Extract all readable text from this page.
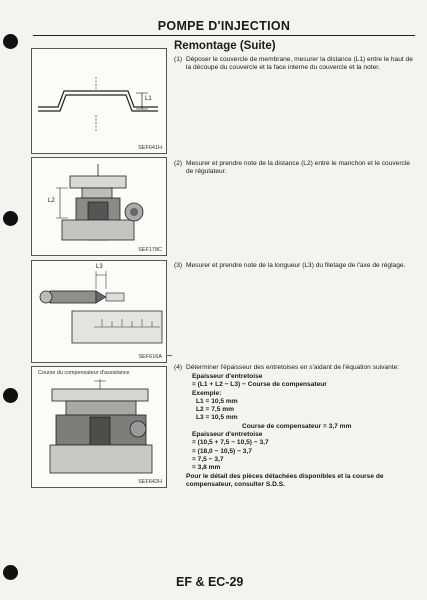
POMPE D'INJECTION
Remontage (Suite)
L1
SEF641H
L2
SEF178C
L3
SEF616A
Course du compensateur d'assistance
SEF642H
(1) Déposer le couvercle de membrane, mesurer la distance (L1) entre le haut de la découpe du couvercle et la face interne du couvercle et la noter.
(2) Mesurer et prendre note de la distance (L2) entre le manchon et le couvercle de régulateur.
(3) Mesurer et prendre note de la longueur (L3) du filetage de l'axe de réglage.
(4) Déterminer l'épaisseur des entretoises en s'aidant de l'équation suivante:
Epaisseur d'entretoise
= (L1 + L2 − L3) − Course de compensateur
Exemple:
L1 = 10,5 mm
L2 = 7,5 mm
L3 = 10,5 mm
Course de compensateur = 3,7 mm
Epaisseur d'entretoise
= (10,5 + 7,5 − 10,5) − 3,7
= (18,0 − 10,5) − 3,7
= 7,5 − 3,7
= 3,8 mm
Pour le détail des pièces détachées disponibles et la course de compensateur, consulter S.D.S.
EF & EC-29
